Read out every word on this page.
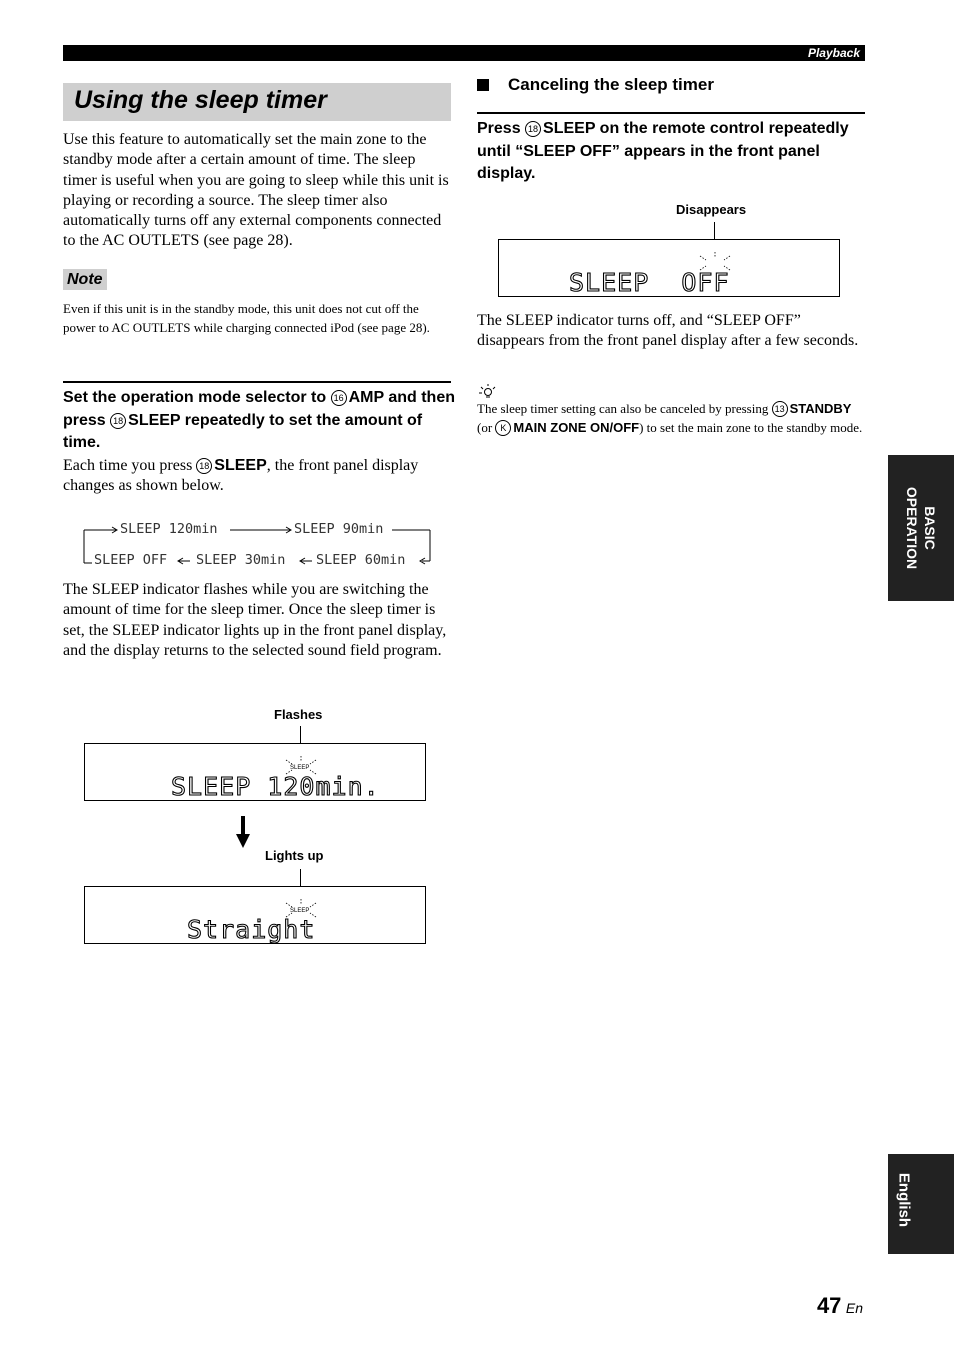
Playback
Using the sleep timer
Use this feature to automatically set the main zone to the standby mode after a certain amount of time. The sleep timer is useful when you are going to sleep while this unit is playing or recording a source. The sleep timer also automatically turns off any external components connected to the AC OUTLETS (see page 28).
Note
Even if this unit is in the standby mode, this unit does not cut off the power to AC OUTLETS while charging connected iPod (see page 28).
Set the operation mode selector to 16 AMP and then press 18 SLEEP repeatedly to set the amount of time.
Each time you press 18 SLEEP, the front panel display changes as shown below.
SLEEP 120min	SLEEP 90min
SLEEP OFF SLEEP 30min SLEEP 60min
The SLEEP indicator flashes while you are switching the amount of time for the sleep timer. Once the sleep timer is set, the SLEEP indicator lights up in the front panel display, and the display returns to the selected sound field program.
Flashes
SLEEP
SLEEP 120min.
Lights up
SLEEP
Straight
Canceling the sleep timer
Press 18 SLEEP on the remote control repeatedly until “SLEEP OFF” appears in the front panel display.
Disappears
SLEEP  OFF
The SLEEP indicator turns off, and “SLEEP OFF” disappears from the front panel display after a few seconds.
The sleep timer setting can also be canceled by pressing 13 STANDBY (or K MAIN ZONE ON/OFF) to set the main zone to the standby mode.
BASIC
OPERATION
English
47 En
